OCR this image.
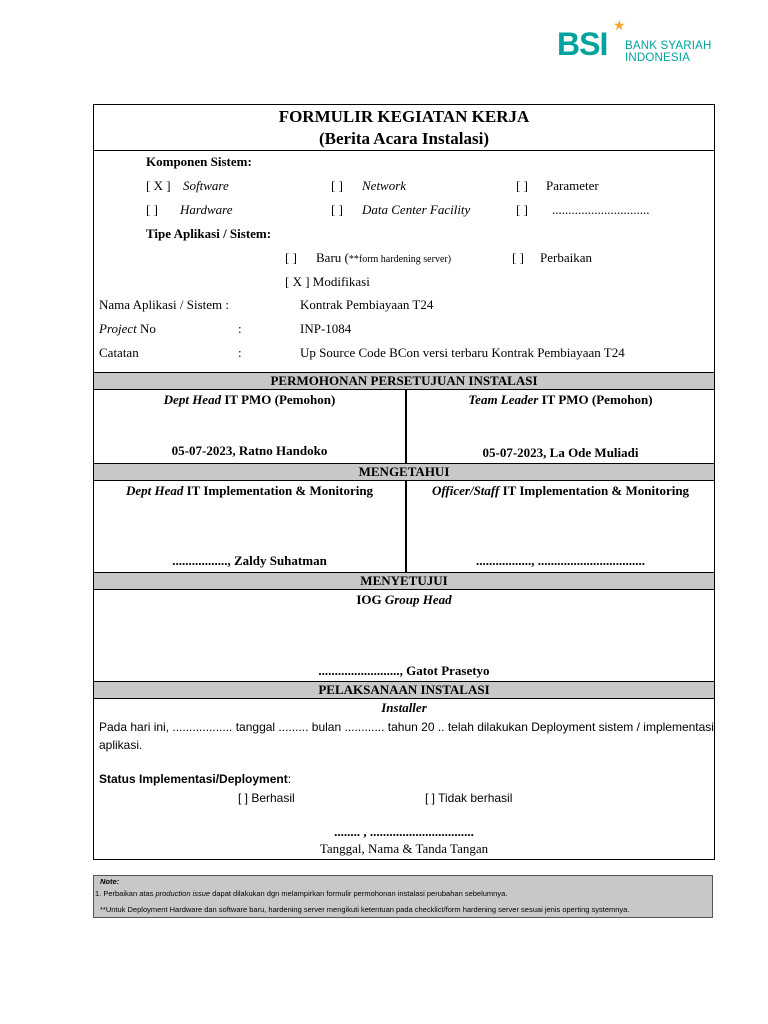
BSI ★
BANK SYARIAH
INDONESIA
FORMULIR KEGIATAN KERJA
(Berita Acara Instalasi)
Komponen Sistem:
[ X ] Software	[ ] Network	[ ] Parameter
[ ] Hardware	[ ] Data Center Facility	[ ] ..............................
Tipe Aplikasi / Sistem:
[ ] Baru (**form hardening server)	[ ] Perbaikan
[ X ] Modifikasi
Nama Aplikasi / Sistem :	Kontrak Pembiayaan T24
Project No	:	INP-1084
Catatan	:	Up Source Code BCon versi terbaru Kontrak Pembiayaan T24
PERMOHONAN PERSETUJUAN INSTALASI
Dept Head IT PMO (Pemohon)	Team Leader IT PMO (Pemohon)
05-07-2023, Ratno Handoko	05-07-2023, La Ode Muliadi
MENGETAHUI
Dept Head IT Implementation & Monitoring	Officer/Staff IT Implementation & Monitoring
................., Zaldy Suhatman	................., .................................
MENYETUJUI
IOG Group Head
........................., Gatot Prasetyo
PELAKSANAAN INSTALASI
Installer
Pada hari ini, .................. tanggal ......... bulan ............ tahun 20 .. telah dilakukan Deployment sistem / implementasi
aplikasi.
Status Implementasi/Deployment:
[ ] Berhasil	[ ] Tidak berhasil
........ , ................................
Tanggal, Nama & Tanda Tangan
Note:
1. Perbaikan atas production issue dapat dilakukan dgn melampirkan formulir permohonan instalasi perubahan sebelumnya.
**Untuk Deployment Hardware dan software baru, hardening server mengikuti ketentuan pada checklict/form hardening server sesuai jenis operting systemnya.
